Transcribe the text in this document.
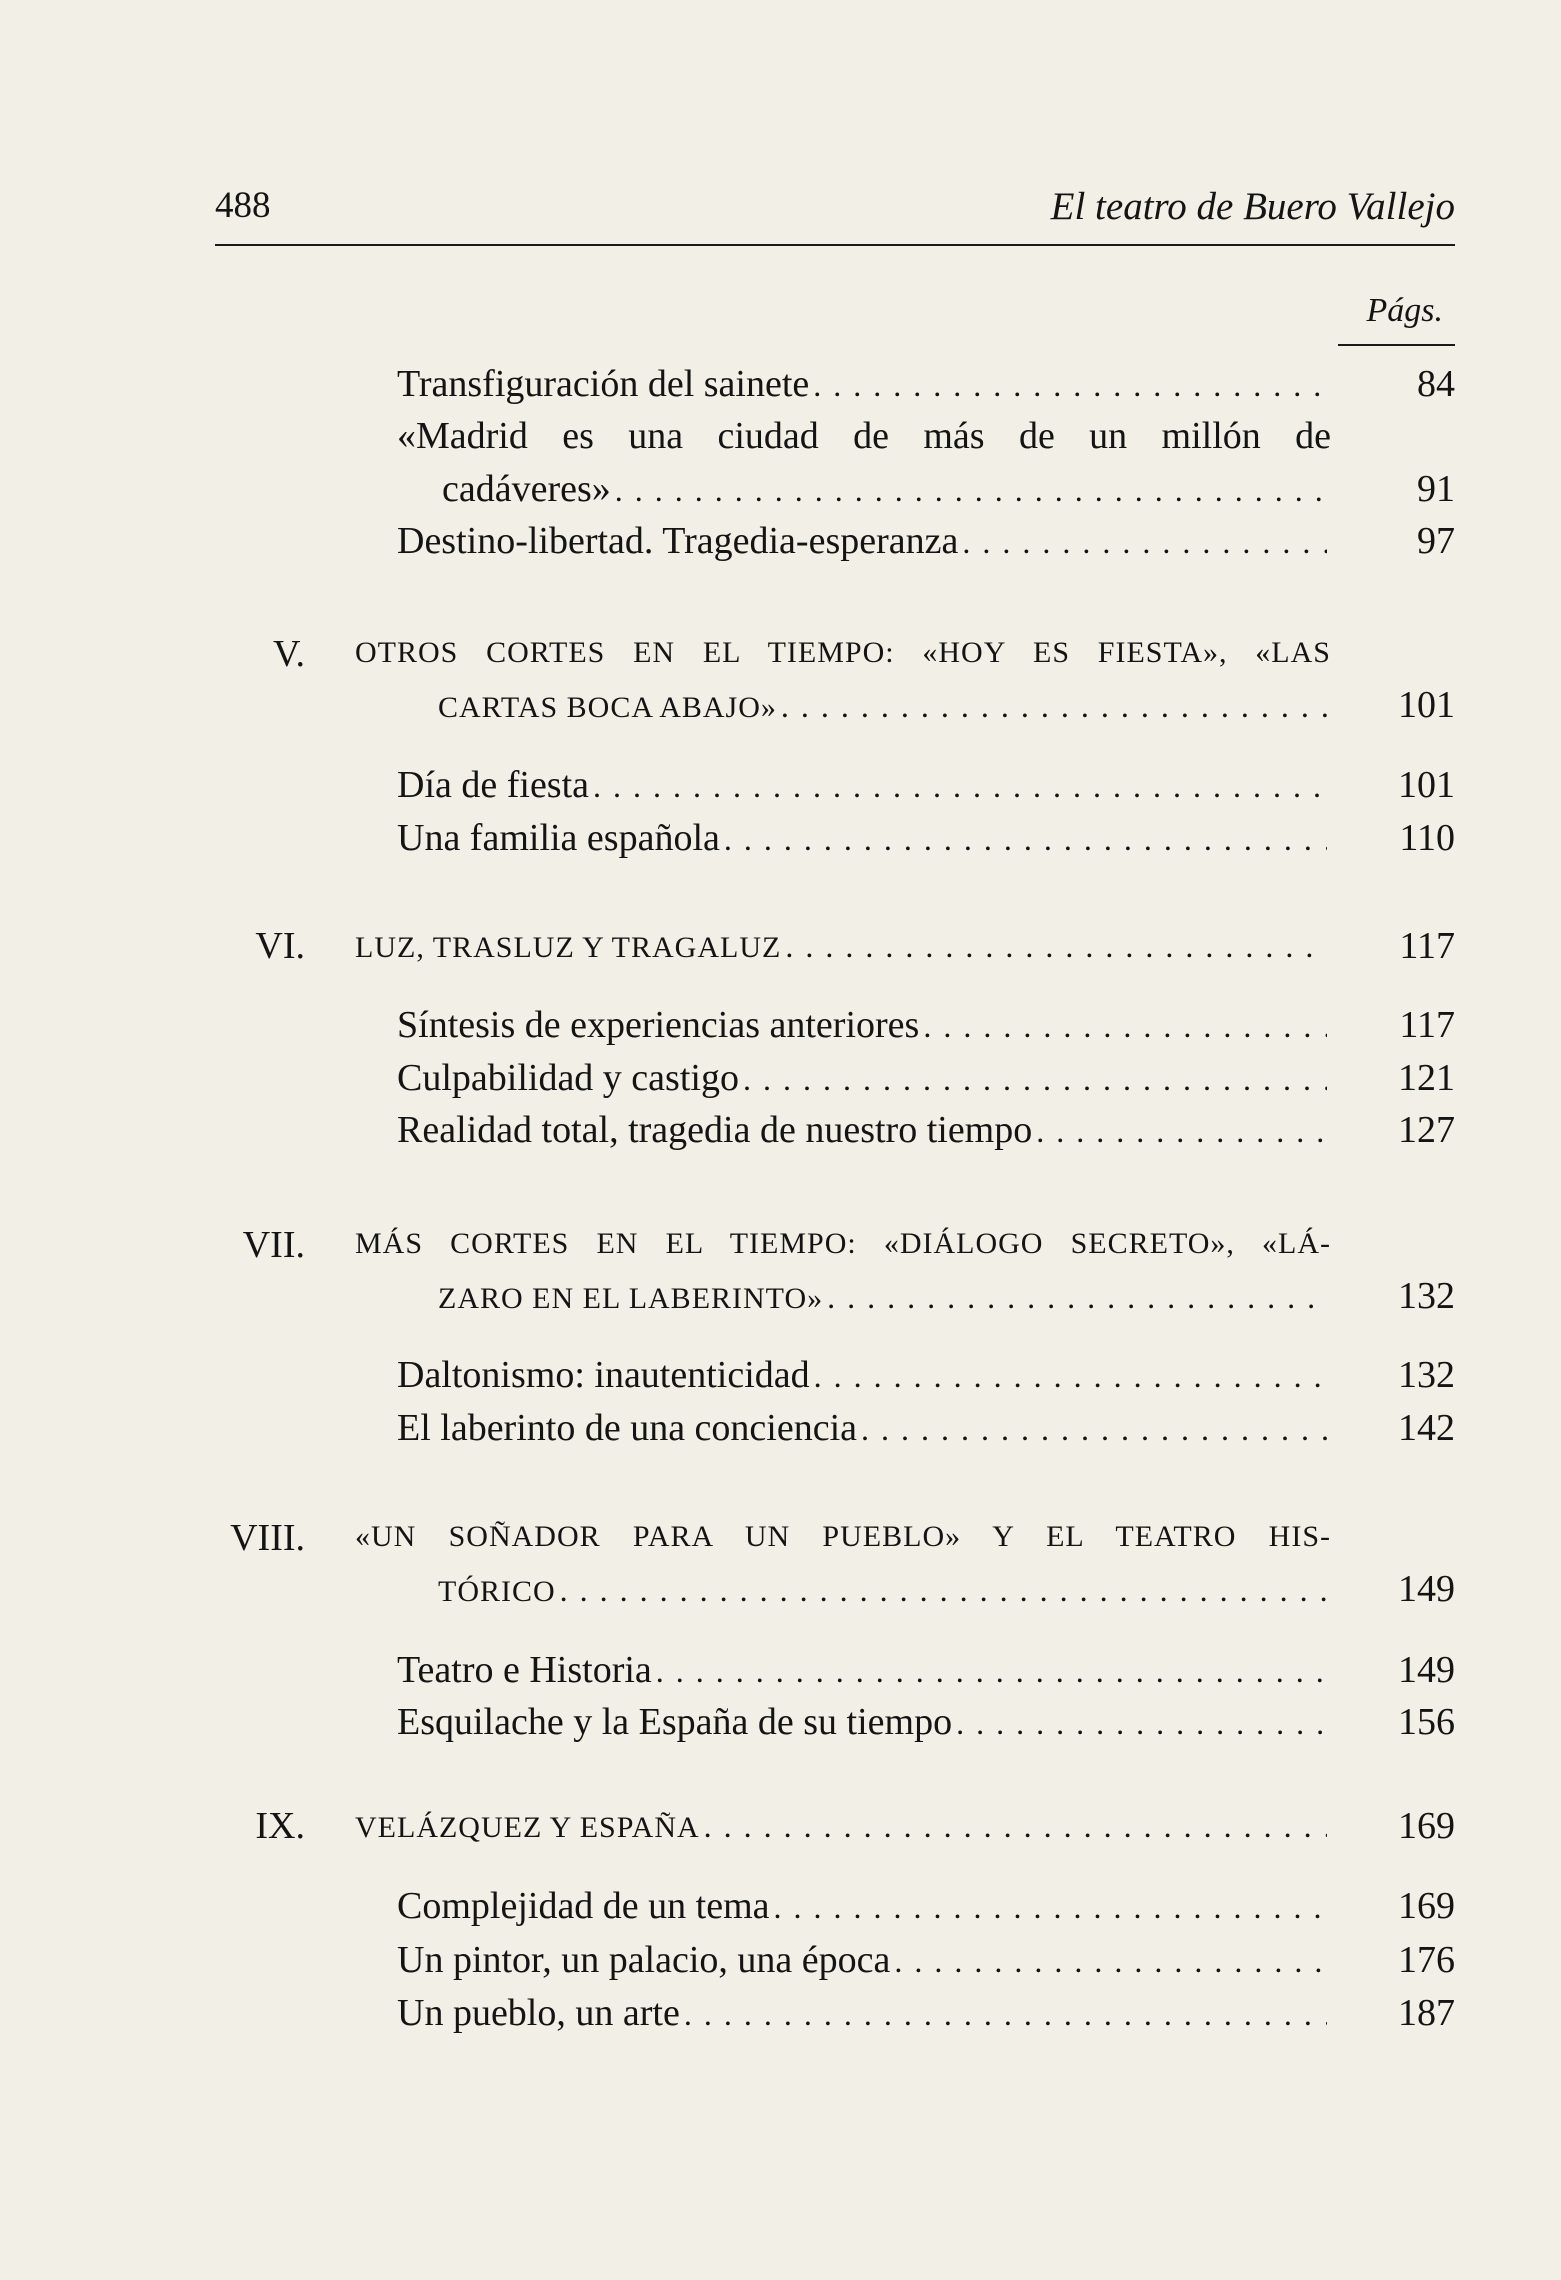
488	El teatro de Buero Vallejo
Págs.
Transfiguración del sainete . . .	84
«Madrid es una ciudad de más de un millón de
cadáveres» . . .	91
Destino-libertad. Tragedia-esperanza . . .	97
V. OTROS CORTES EN EL TIEMPO: «HOY ES FIESTA», «LAS
CARTAS BOCA ABAJO» . . .	101
Día de fiesta . . .	101
Una familia española . . .	110
VI. LUZ, TRASLUZ Y TRAGALUZ . . .	117
Síntesis de experiencias anteriores . . .	117
Culpabilidad y castigo . . .	121
Realidad total, tragedia de nuestro tiempo . . .	127
VII. MÁS CORTES EN EL TIEMPO: «DIÁLOGO SECRETO», «LÁ-
ZARO EN EL LABERINTO» . . .	132
Daltonismo: inautenticidad . . .	132
El laberinto de una conciencia . . .	142
VIII. «UN SOÑADOR PARA UN PUEBLO» Y EL TEATRO HIS-
TÓRICO . . .	149
Teatro e Historia . . .	149
Esquilache y la España de su tiempo . . .	156
IX. VELÁZQUEZ Y ESPAÑA . . .	169
Complejidad de un tema . . .	169
Un pintor, un palacio, una época . . .	176
Un pueblo, un arte . . .	187
